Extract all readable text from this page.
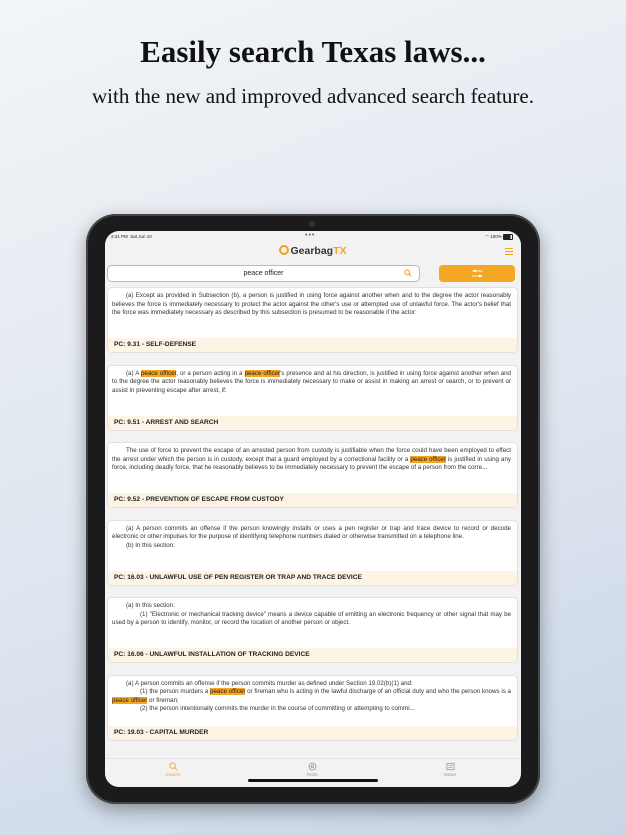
Easily search Texas laws...
with the new and improved advanced search feature.
2:41 PM Sat Jun 10	•••	◠ 100%
GearbagTX
peace officer

(a) Except as provided in Subsection (b), a person is justified in using force against another when and to the degree the actor reasonably believes the force is immediately necessary to protect the actor against the other's use or attempted use of unlawful force. The actor's belief that the force was immediately necessary as described by this subsection is presumed to be reasonable if the actor:

PC: 9.31 - SELF-DEFENSE

(a) A peace officer, or a person acting in a peace officer's presence and at his direction, is justified in using force against another when and to the degree the actor reasonably believes the force is immediately necessary to make or assist in making an arrest or search, or to prevent or assist in preventing escape after arrest, if:

PC: 9.51 - ARREST AND SEARCH

The use of force to prevent the escape of an arrested person from custody is justifiable when the force could have been employed to effect the arrest under which the person is in custody, except that a guard employed by a correctional facility or a peace officer is justified in using any force, including deadly force, that he reasonably believes to be immediately necessary to prevent the escape of a person from the corre...

PC: 9.52 - PREVENTION OF ESCAPE FROM CUSTODY

(a) A person commits an offense if the person knowingly installs or uses a pen register or trap and trace device to record or decode electronic or other impulses for the purpose of identifying telephone numbers dialed or otherwise transmitted on a telephone line.

(b) In this section:

PC: 16.03 - UNLAWFUL USE OF PEN REGISTER OR TRAP AND TRACE DEVICE

(a) In this section:

(1) "Electronic or mechanical tracking device" means a device capable of emitting an electronic frequency or other signal that may be used by a person to identify, monitor, or record the location of another person or object.

PC: 16.06 - UNLAWFUL INSTALLATION OF TRACKING DEVICE

(a) A person commits an offense if the person commits murder as defined under Section 19.02(b)(1) and:

(1) the person murders a peace officer or fireman who is acting in the lawful discharge of an official duty and who the person knows is a peace officer or fireman;

(2) the person intentionally commits the murder in the course of committing or attempting to commi...

PC: 19.03 - CAPITAL MURDER
Search	Tools	News
